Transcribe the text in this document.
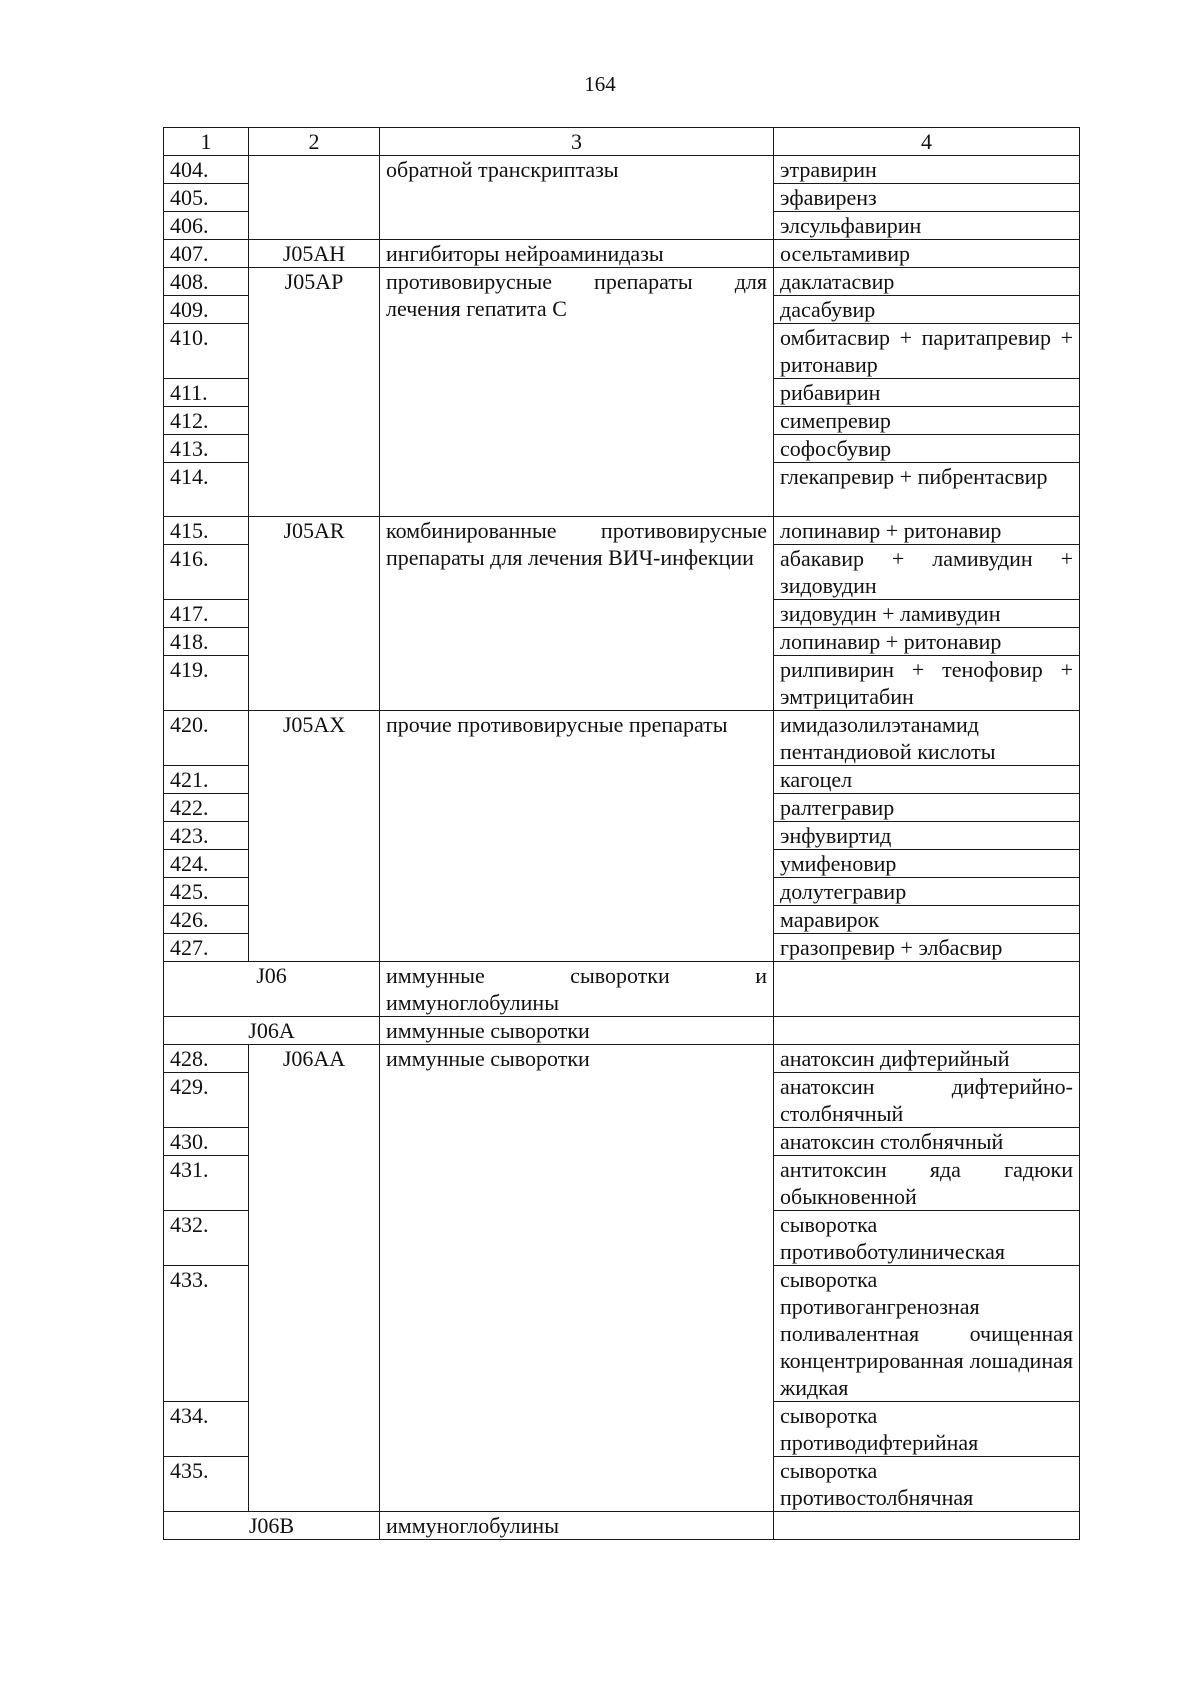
164
1	2	3	4
404.		обратной транскриптазы	этравирин
405.			эфавиренз
406.			элсульфавирин
407.	J05AH	ингибиторы нейроаминидазы	осельтамивир
408.	J05AP	противовирусные препараты для лечения гепатита С	даклатасвир
409.			дасабувир
410.			омбитасвир + паритапревир + ритонавир
411.			рибавирин
412.			симепревир
413.			софосбувир
414.			глекапревир + пибрентасвир
415.	J05AR	комбинированные противовирусные препараты для лечения ВИЧ-инфекции	лопинавир + ритонавир
416.			абакавир + ламивудин + зидовудин
417.			зидовудин + ламивудин
418.			лопинавир + ритонавир
419.			рилпивирин + тенофовир + эмтрицитабин
420.	J05AX	прочие противовирусные препараты	имидазолилэтанамид пентандиовой кислоты
421.			кагоцел
422.			ралтегравир
423.			энфувиртид
424.			умифеновир
425.			долутегравир
426.			маравирок
427.			гразопревир + элбасвир
J06		иммунные сыворотки и иммуноглобулины	
J06A		иммунные сыворотки	
428.	J06AA	иммунные сыворотки	анатоксин дифтерийный
429.			анатоксин дифтерийно-столбнячный
430.			анатоксин столбнячный
431.			антитоксин яда гадюки обыкновенной
432.			сыворотка противоботулиническая
433.			сыворотка противогангренозная поливалентная очищенная концентрированная лошадиная жидкая
434.			сыворотка противодифтерийная
435.			сыворотка противостолбнячная
J06B		иммуноглобулины	
